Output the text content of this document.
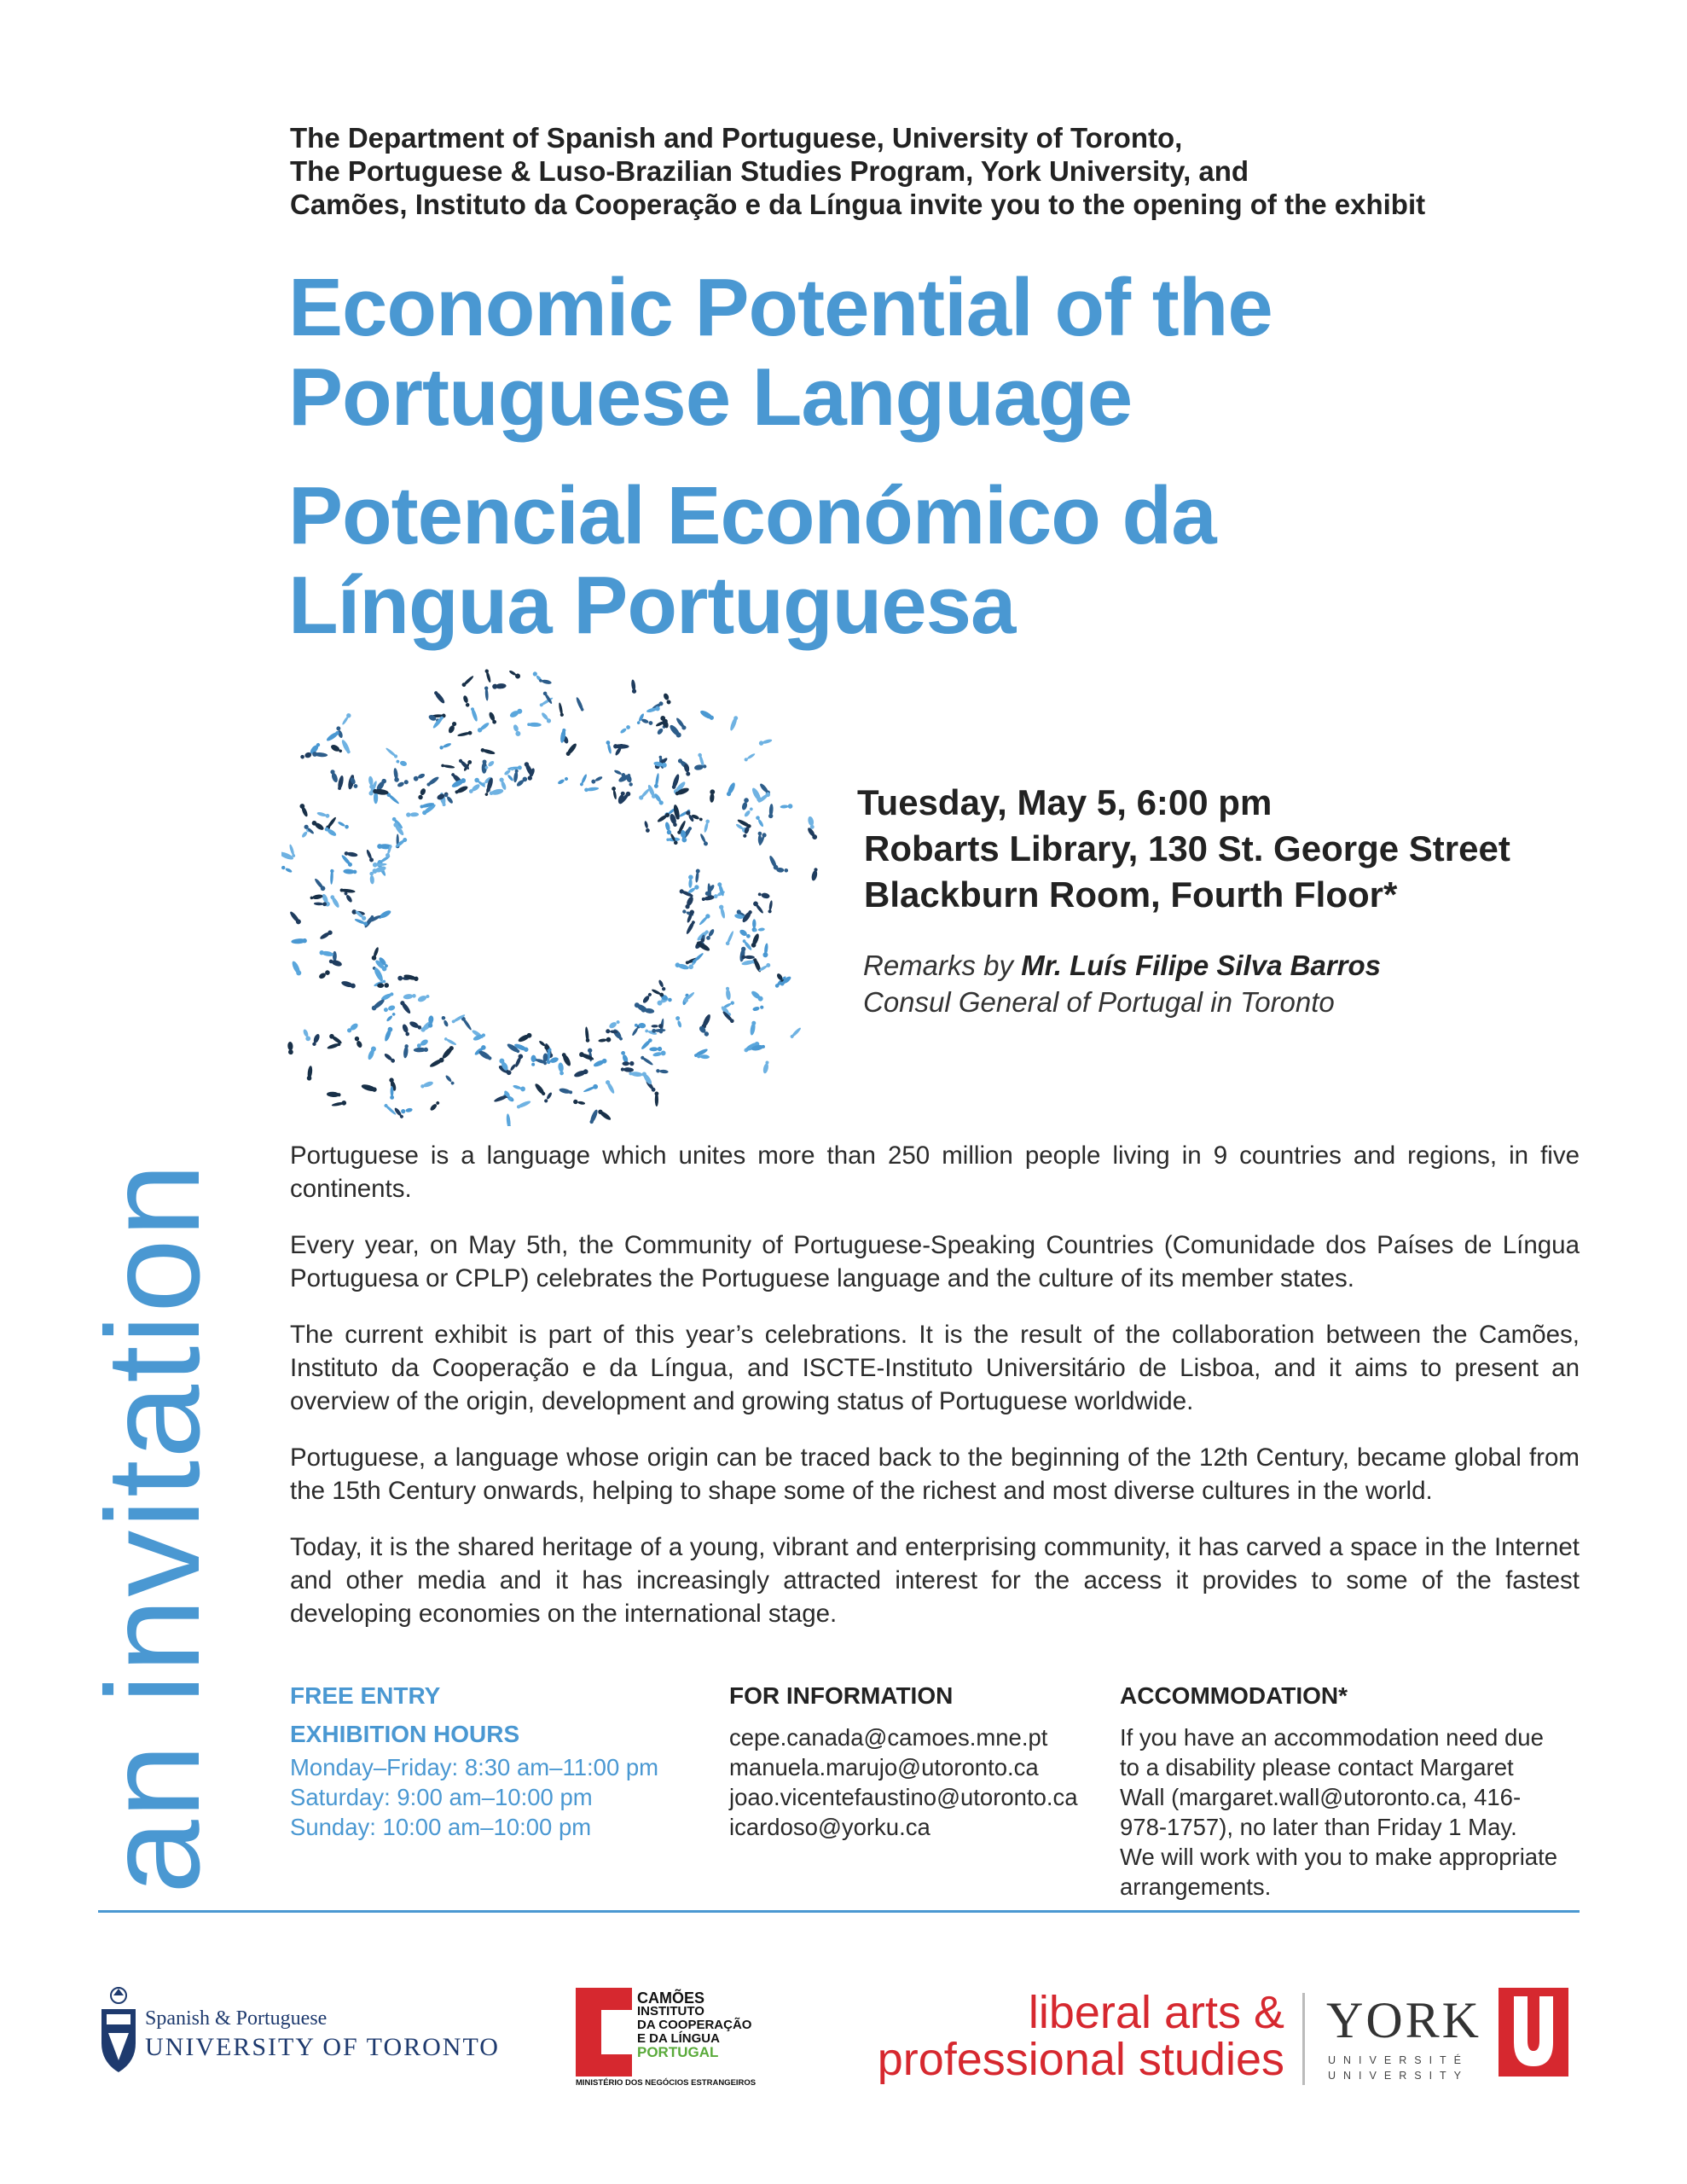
The Department of Spanish and Portuguese, University of Toronto,
The Portuguese & Luso-Brazilian Studies Program, York University, and
Camões, Instituto da Cooperação e da Língua invite you to the opening of the exhibit
Economic Potential of the
Portuguese Language
Potencial Económico da
Língua Portuguesa
an invitation
Tuesday, May 5, 6:00 pm
Robarts Library, 130 St. George Street
Blackburn Room, Fourth Floor*
Remarks by Mr. Luís Filipe Silva Barros
Consul General of Portugal in Toronto

Portuguese is a language which unites more than 250 million people living in 9 countries and regions, in five continents.

Every year, on May 5th, the Community of Portuguese-Speaking Countries (Comunidade dos Países de Língua Portuguesa or CPLP) celebrates the Portuguese language and the culture of its member states.

The current exhibit is part of this year’s celebrations. It is the result of the collaboration between the Camões, Instituto da Cooperação e da Língua, and ISCTE-Instituto Universitário de Lisboa, and it aims to present an overview of the origin, development and growing status of Portuguese worldwide.

Portuguese, a language whose origin can be traced back to the beginning of the 12th Century, became global from the 15th Century onwards, helping to shape some of the richest and most diverse cultures in the world.

Today, it is the shared heritage of a young, vibrant and enterprising community, it has carved a space in the Internet and other media and it has increasingly attracted interest for the access it provides to some of the fastest developing economies on the international stage.

FREE ENTRY
EXHIBITION HOURS
Monday–Friday: 8:30 am–11:00 pm
Saturday: 9:00 am–10:00 pm
Sunday: 10:00 am–10:00 pm
FOR INFORMATION
cepe.canada@camoes.mne.pt
manuela.marujo@utoronto.ca
joao.vicentefaustino@utoronto.ca
icardoso@yorku.ca
ACCOMMODATION*
If you have an accommodation need due
to a disability please contact Margaret
Wall (margaret.wall@utoronto.ca, 416-
978-1757), no later than Friday 1 May.
We will work with you to make appropriate
arrangements.
Spanish & Portuguese
UNIVERSITY OF TORONTO
CAMÕES
INSTITUTO
DA COOPERAÇÃO
E DA LÍNGUA
PORTUGAL
MINISTÉRIO DOS NEGÓCIOS ESTRANGEIROS
liberal arts &
professional studies
YORK
UNIVERSITÉ
UNIVERSITY
